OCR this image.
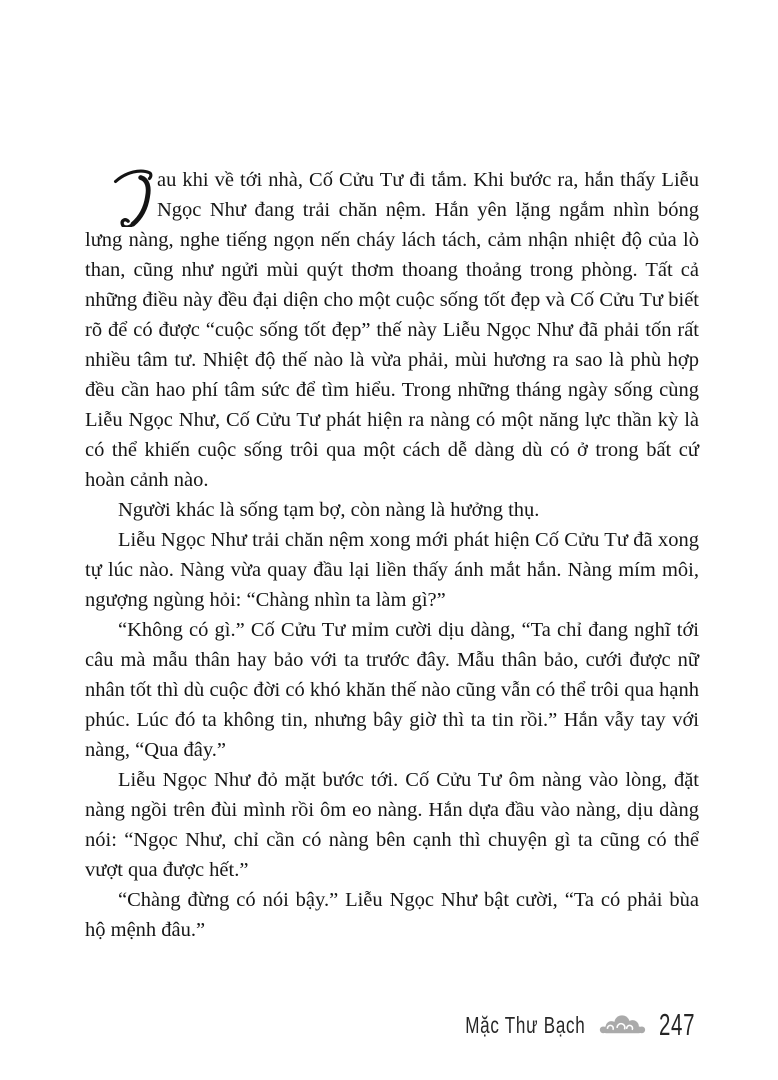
au khi về tới nhà, Cố Cửu Tư đi tắm. Khi bước ra, hắn thấy Liễu Ngọc Như đang trải chăn nệm. Hắn yên lặng ngắm nhìn bóng lưng nàng, nghe tiếng ngọn nến cháy lách tách, cảm nhận nhiệt độ của lò than, cũng như ngửi mùi quýt thơm thoang thoảng trong phòng. Tất cả những điều này đều đại diện cho một cuộc sống tốt đẹp và Cố Cửu Tư biết rõ để có được “cuộc sống tốt đẹp” thế này Liễu Ngọc Như đã phải tốn rất nhiều tâm tư. Nhiệt độ thế nào là vừa phải, mùi hương ra sao là phù hợp đều cần hao phí tâm sức để tìm hiểu. Trong những tháng ngày sống cùng Liễu Ngọc Như, Cố Cửu Tư phát hiện ra nàng có một năng lực thần kỳ là có thể khiến cuộc sống trôi qua một cách dễ dàng dù có ở trong bất cứ hoàn cảnh nào.

Người khác là sống tạm bợ, còn nàng là hưởng thụ.

Liễu Ngọc Như trải chăn nệm xong mới phát hiện Cố Cửu Tư đã xong tự lúc nào. Nàng vừa quay đầu lại liền thấy ánh mắt hắn. Nàng mím môi, ngượng ngùng hỏi: “Chàng nhìn ta làm gì?”

“Không có gì.” Cố Cửu Tư mỉm cười dịu dàng, “Ta chỉ đang nghĩ tới câu mà mẫu thân hay bảo với ta trước đây. Mẫu thân bảo, cưới được nữ nhân tốt thì dù cuộc đời có khó khăn thế nào cũng vẫn có thể trôi qua hạnh phúc. Lúc đó ta không tin, nhưng bây giờ thì ta tin rồi.” Hắn vẫy tay với nàng, “Qua đây.”

Liễu Ngọc Như đỏ mặt bước tới. Cố Cửu Tư ôm nàng vào lòng, đặt nàng ngồi trên đùi mình rồi ôm eo nàng. Hắn dựa đầu vào nàng, dịu dàng nói: “Ngọc Như, chỉ cần có nàng bên cạnh thì chuyện gì ta cũng có thể vượt qua được hết.”

“Chàng đừng có nói bậy.” Liễu Ngọc Như bật cười, “Ta có phải bùa hộ mệnh đâu.”

Mặc Thư Bạch 247
